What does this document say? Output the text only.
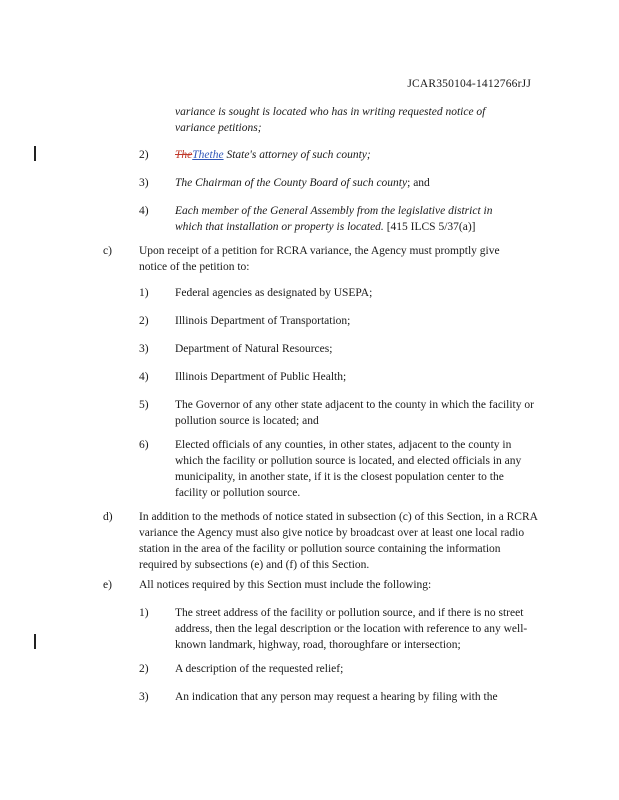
JCAR350104-1412766rJJ
variance is sought is located who has in writing requested notice of variance petitions;
2) TheThethe State's attorney of such county;
3) The Chairman of the County Board of such county; and
4) Each member of the General Assembly from the legislative district in which that installation or property is located. [415 ILCS 5/37(a)]
c) Upon receipt of a petition for RCRA variance, the Agency must promptly give notice of the petition to:
1) Federal agencies as designated by USEPA;
2) Illinois Department of Transportation;
3) Department of Natural Resources;
4) Illinois Department of Public Health;
5) The Governor of any other state adjacent to the county in which the facility or pollution source is located; and
6) Elected officials of any counties, in other states, adjacent to the county in which the facility or pollution source is located, and elected officials in any municipality, in another state, if it is the closest population center to the facility or pollution source.
d) In addition to the methods of notice stated in subsection (c) of this Section, in a RCRA variance the Agency must also give notice by broadcast over at least one local radio station in the area of the facility or pollution source containing the information required by subsections (e) and (f) of this Section.
e) All notices required by this Section must include the following:
1) The street address of the facility or pollution source, and if there is no street address, then the legal description or the location with reference to any well- known landmark, highway, road, thoroughfare or intersection;
2) A description of the requested relief;
3) An indication that any person may request a hearing by filing with the
